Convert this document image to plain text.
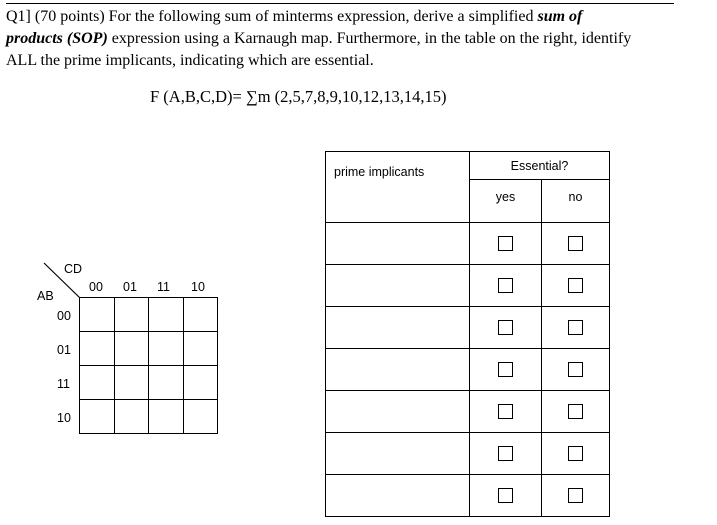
Q1] (70 points) For the following sum of minterms expression, derive a simplified sum of
products (SOP) expression using a Karnaugh map. Furthermore, in the table on the right, identify
ALL the prime implicants, indicating which are essential.
F (A,B,C,D)= ∑m (2,5,7,8,9,10,12,13,14,15)
CD
AB
00 01 11 10
00
01
11
10

prime implicants	Essential?	
	yes	no
